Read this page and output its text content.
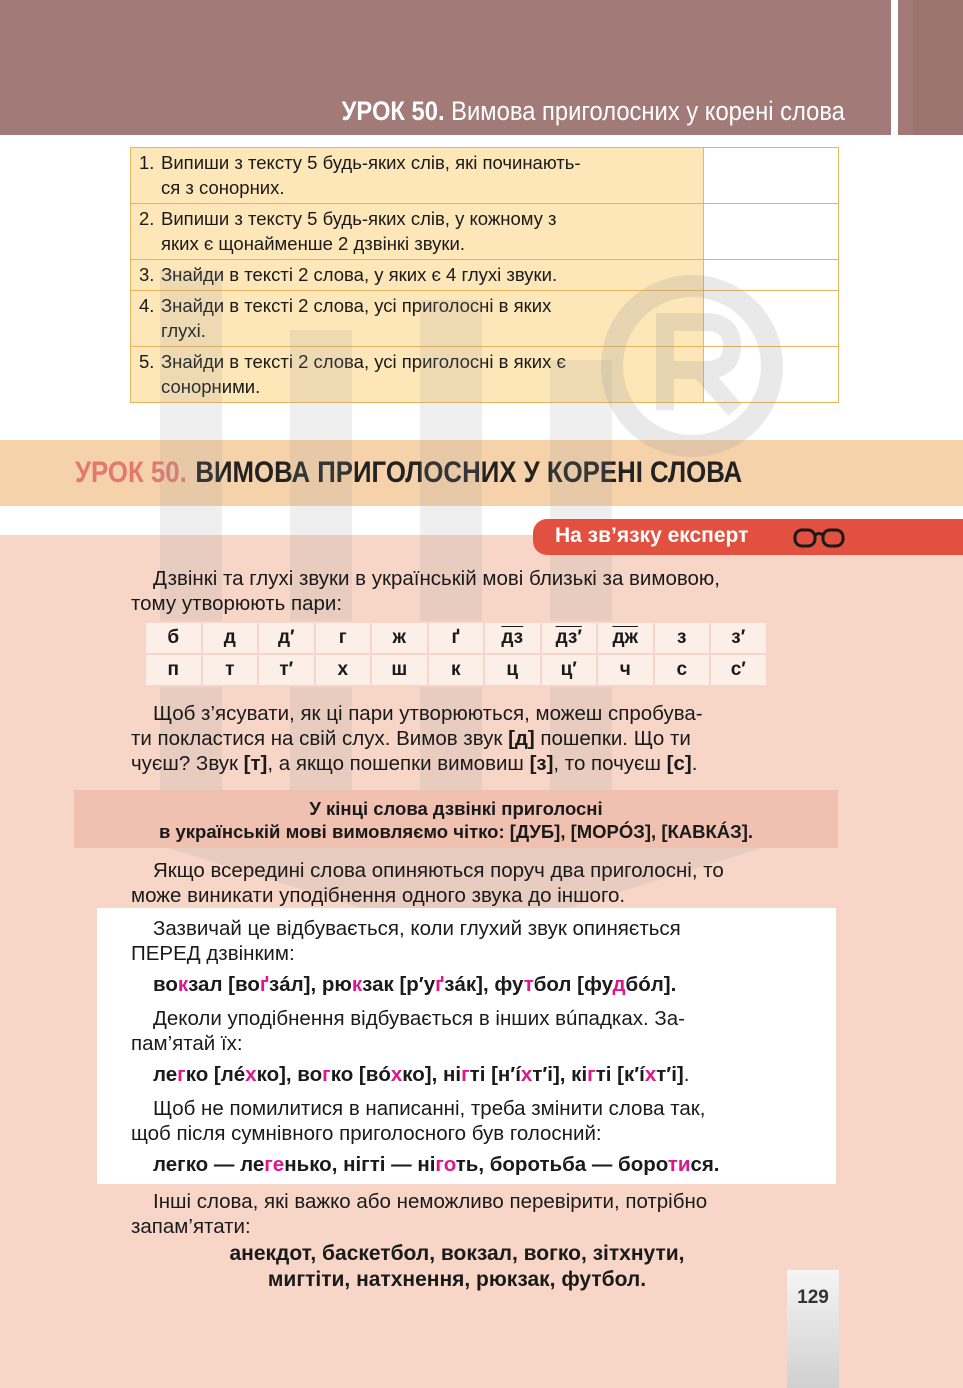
УРОК 50. Вимова приголосних у корені слова
1. Випиши з тексту 5 будь-яких слів, які починають-
ся з сонорних.	

2. Випиши з тексту 5 будь-яких слів, у кожному з
яких є щонайменше 2 дзвінкі звуки.	

3. Знайди в тексті 2 слова, у яких є 4 глухі звуки.	

4. Знайди в тексті 2 слова, усі приголосні в яких
глухі.	

5. Знайди в тексті 2 слова, усі приголосні в яких є
сонорними.	

УРОК 50. ВИМОВА ПРИГОЛОСНИХ У КОРЕНІ СЛОВА
На зв’язку експерт

Дзвінкі та глухі звуки в українській мові близькі за вимовою,
тому утворюють пари:

б	д	д′	г	ж	ґ	дз	дз′	дж	з	з′
п	т	т′	х	ш	к	ц	ц′	ч	с	с′

Щоб з’ясувати, як ці пари утворюються, можеш спробува-
ти покластися на свій слух. Вимов звук [д] пошепки. Що ти
чуєш? Звук [т], а якщо пошепки вимовиш [з], то почуєш [с].

У кінці слова дзвінкі приголосні
в українській мові вимовляємо чітко: [ДУБ], [МОРÓЗ], [КАВКÁЗ].

Якщо всередині слова опиняються поруч два приголосні, то
може виникати уподібнення одного звука до іншого.

Зазвичай це відбувається, коли глухий звук опиняється
ПЕРЕД дзвінким:

вокзал [воґзáл], рюкзак [р′уґзáк], футбол [фудбóл].

Деколи уподібнення відбувається в інших вúпадках. За-
пам’ятай їх:

легко [лéхко], вогко [вóхко], нігті [н′íхт′і], кігті [к′íхт′і].

Щоб не помилитися в написанні, треба змінити слова так,
щоб після сумнівного приголосного був голосний:

легко — легенько, нігті — ніготь, боротьба — боротися.

Інші слова, які важко або неможливо перевірити, потрібно
запам’ятати:

анекдот, баскетбол, вокзал, вогко, зітхнути,
мигтіти, натхнення, рюкзак, футбол.
129
